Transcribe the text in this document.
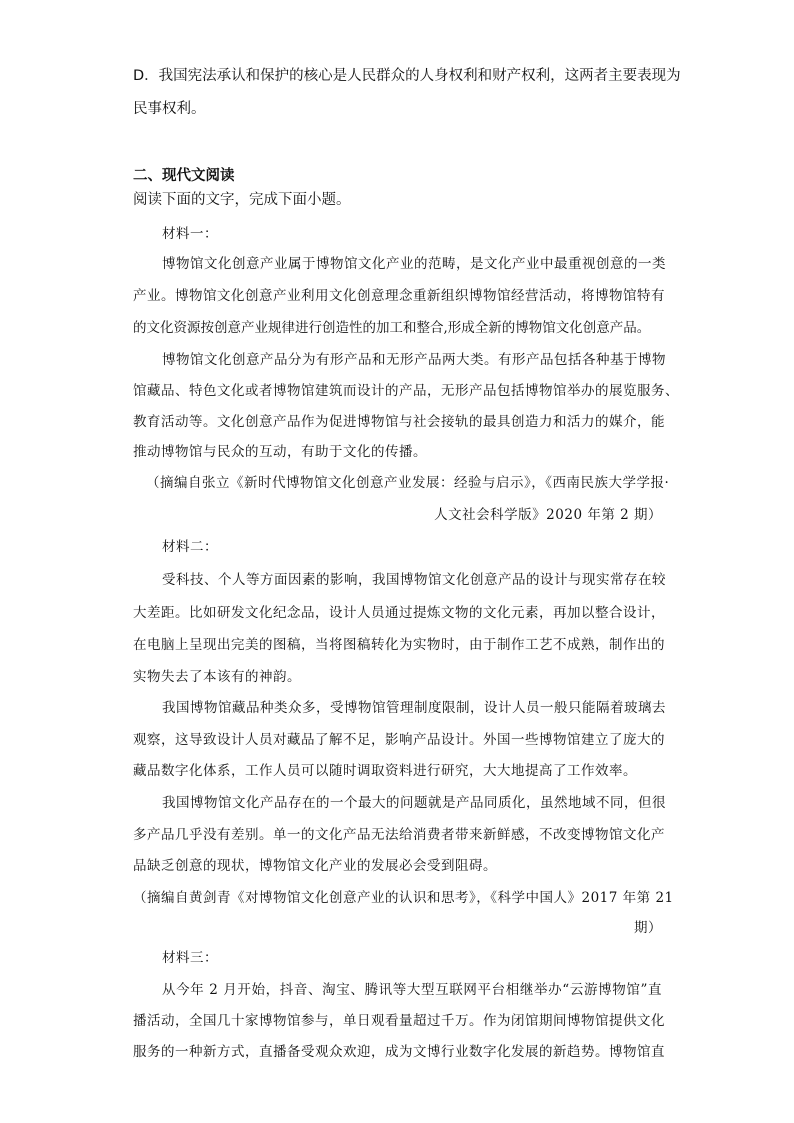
D．我国宪法承认和保护的核心是人民群众的人身权利和财产权利，这两者主要表现为
民事权利。
二、现代文阅读
阅读下面的文字，完成下面小题。
材料一：
博物馆文化创意产业属于博物馆文化产业的范畴，是文化产业中最重视创意的一类
产业。博物馆文化创意产业利用文化创意理念重新组织博物馆经营活动，将博物馆特有
的文化资源按创意产业规律进行创造性的加工和整合,形成全新的博物馆文化创意产品。
博物馆文化创意产品分为有形产品和无形产品两大类。有形产品包括各种基于博物
馆藏品、特色文化或者博物馆建筑而设计的产品，无形产品包括博物馆举办的展览服务、
教育活动等。文化创意产品作为促进博物馆与社会接轨的最具创造力和活力的媒介，能
推动博物馆与民众的互动，有助于文化的传播。
（摘编自张立《新时代博物馆文化创意产业发展：经验与启示》，《西南民族大学学报·
人文社会科学版》2020 年第 2 期）
材料二：
受科技、个人等方面因素的影响，我国博物馆文化创意产品的设计与现实常存在较
大差距。比如研发文化纪念品，设计人员通过提炼文物的文化元素，再加以整合设计，
在电脑上呈现出完美的图稿，当将图稿转化为实物时，由于制作工艺不成熟，制作出的
实物失去了本该有的神韵。
我国博物馆藏品种类众多，受博物馆管理制度限制，设计人员一般只能隔着玻璃去
观察，这导致设计人员对藏品了解不足，影响产品设计。外国一些博物馆建立了庞大的
藏品数字化体系，工作人员可以随时调取资料进行研究，大大地提高了工作效率。
我国博物馆文化产品存在的一个最大的问题就是产品同质化，虽然地域不同，但很
多产品几乎没有差别。单一的文化产品无法给消费者带来新鲜感，不改变博物馆文化产
品缺乏创意的现状，博物馆文化产业的发展必会受到阻碍。
（摘编自黄剑青《对博物馆文化创意产业的认识和思考》，《科学中国人》2017 年第 21
期）
材料三：
从今年 2 月开始，抖音、淘宝、腾讯等大型互联网平台相继举办“云游博物馆”直
播活动，全国几十家博物馆参与，单日观看量超过千万。作为闭馆期间博物馆提供文化
服务的一种新方式，直播备受观众欢迎，成为文博行业数字化发展的新趋势。博物馆直
